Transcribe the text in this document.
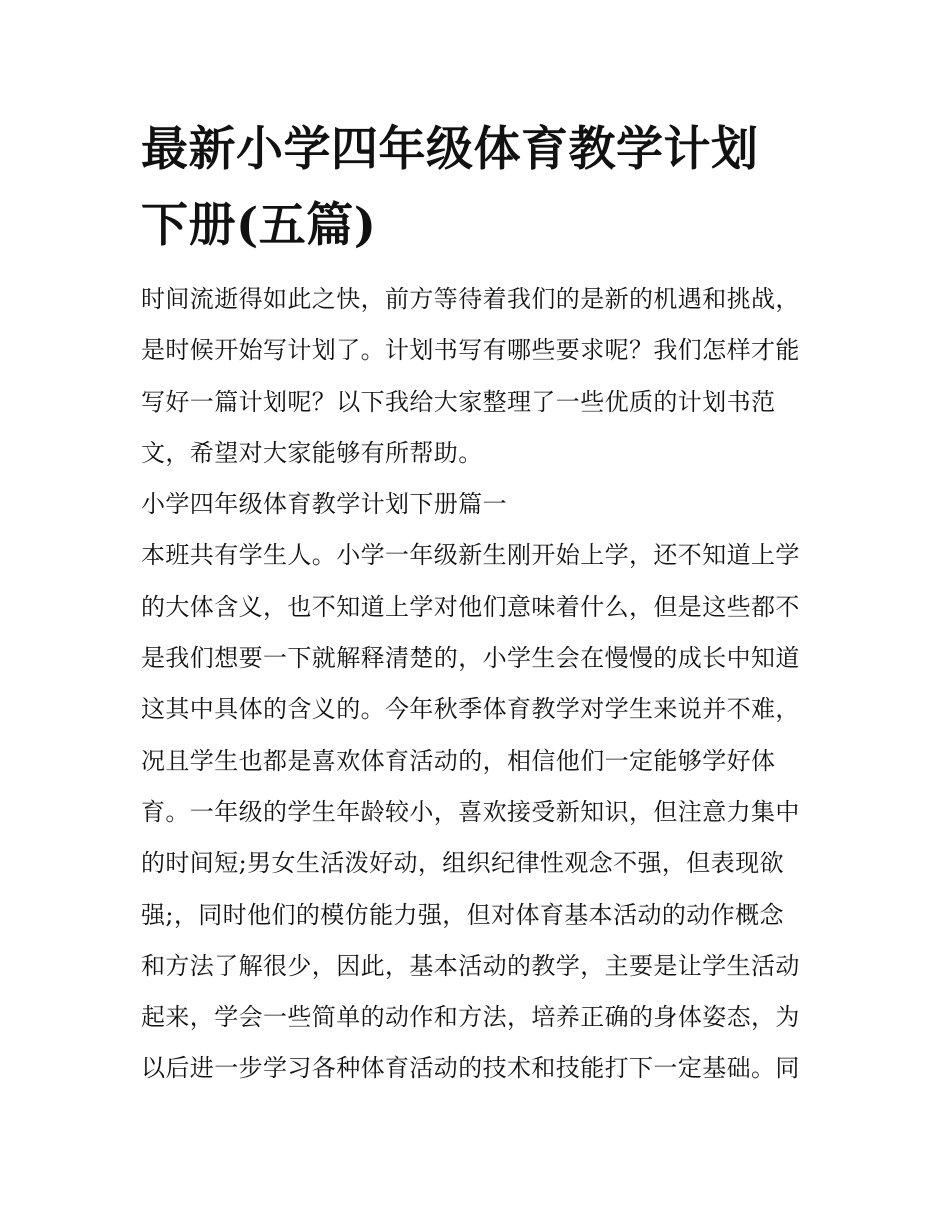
最新小学四年级体育教学计划
下册(五篇)
时间流逝得如此之快，前方等待着我们的是新的机遇和挑战，
是时候开始写计划了。计划书写有哪些要求呢？我们怎样才能
写好一篇计划呢？以下我给大家整理了一些优质的计划书范
文，希望对大家能够有所帮助。
小学四年级体育教学计划下册篇一
本班共有学生人。小学一年级新生刚开始上学，还不知道上学
的大体含义，也不知道上学对他们意味着什么，但是这些都不
是我们想要一下就解释清楚的，小学生会在慢慢的成长中知道
这其中具体的含义的。今年秋季体育教学对学生来说并不难，
况且学生也都是喜欢体育活动的，相信他们一定能够学好体
育。一年级的学生年龄较小，喜欢接受新知识，但注意力集中
的时间短;男女生活泼好动，组织纪律性观念不强，但表现欲
强;，同时他们的模仿能力强，但对体育基本活动的动作概念
和方法了解很少，因此，基本活动的教学，主要是让学生活动
起来，学会一些简单的动作和方法，培养正确的身体姿态，为
以后进一步学习各种体育活动的技术和技能打下一定基础。同
